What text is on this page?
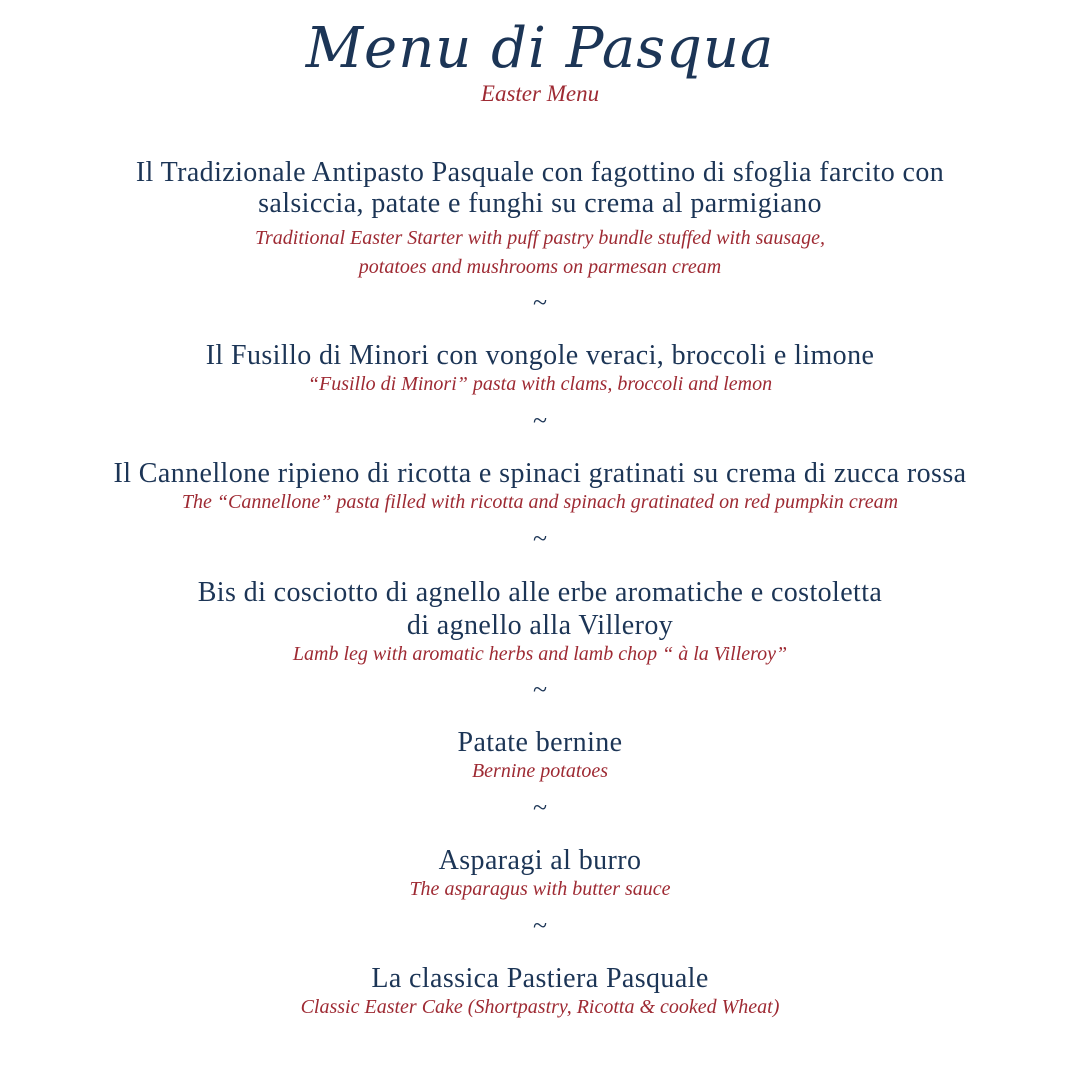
Menu di Pasqua

Easter Menu

Il Tradizionale Antipasto Pasquale con fagottino di sfoglia farcito con

salsiccia, patate e funghi su crema al parmigiano

Traditional Easter Starter with puff pastry bundle stuffed with sausage,

potatoes and mushrooms on parmesan cream

~

Il Fusillo di Minori con vongole veraci, broccoli e limone

“Fusillo di Minori” pasta with clams, broccoli and lemon

~

Il Cannellone ripieno di ricotta e spinaci gratinati su crema di zucca rossa

The “Cannellone” pasta filled with ricotta and spinach gratinated on red pumpkin cream

~

Bis di cosciotto di agnello alle erbe aromatiche e costoletta

di agnello alla Villeroy

Lamb leg with aromatic herbs and lamb chop “ à la Villeroy”

~

Patate bernine

Bernine potatoes

~

Asparagi al burro

The asparagus with butter sauce

~

La classica Pastiera Pasquale

Classic Easter Cake (Shortpastry, Ricotta & cooked Wheat)
